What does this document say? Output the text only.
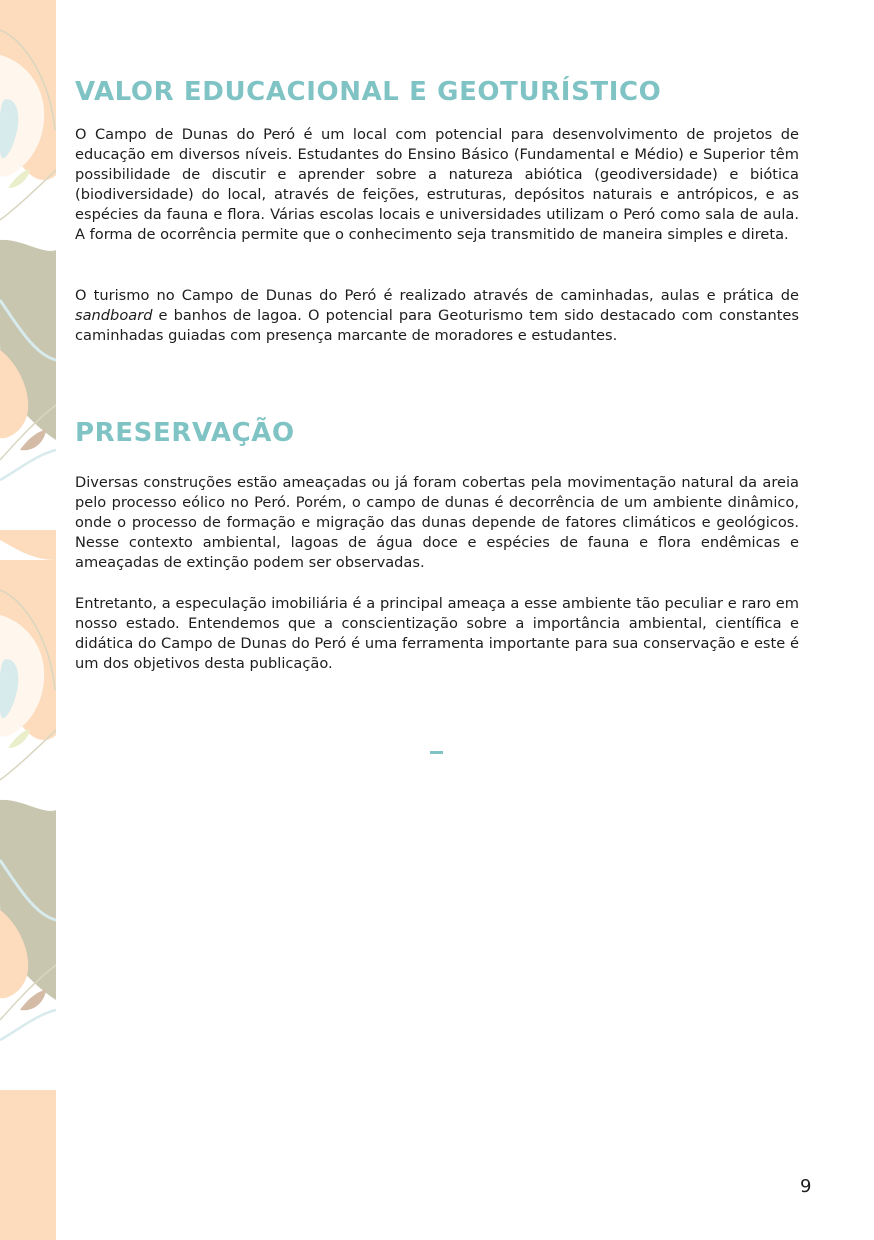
VALOR EDUCACIONAL E GEOTURÍSTICO

O Campo de Dunas do Peró é um local com potencial para desenvolvimento de projetos de educação em diversos níveis. Estudantes do Ensino Básico (Fundamental e Médio) e Superior têm possibilidade de discutir e aprender sobre a natureza abiótica (geodiversidade) e biótica (biodiversidade) do local, através de feições, estruturas, depósitos naturais e antrópicos, e as espécies da fauna e flora. Várias escolas locais e universidades utilizam o Peró como sala de aula. A forma de ocorrência permite que o conhecimento seja transmitido de maneira simples e direta.

O turismo no Campo de Dunas do Peró é realizado através de caminhadas, aulas e prática de sandboard e banhos de lagoa. O potencial para Geoturismo tem sido destacado com constantes caminhadas guiadas com presença marcante de moradores e estudantes.

PRESERVAÇÃO

Diversas construções estão ameaçadas ou já foram cobertas pela movimentação natural da areia pelo processo eólico no Peró. Porém, o campo de dunas é decorrência de um ambiente dinâmico, onde o processo de formação e migração das dunas depende de fatores climáticos e geológicos. Nesse contexto ambiental, lagoas de água doce e espécies de fauna e flora endêmicas e ameaçadas de extinção podem ser observadas.

Entretanto, a especulação imobiliária é a principal ameaça a esse ambiente tão peculiar e raro em nosso estado. Entendemos que a conscientização sobre a importância ambiental, científica e didática do Campo de Dunas do Peró é uma ferramenta importante para sua conservação e este é um dos objetivos desta publicação.

9
